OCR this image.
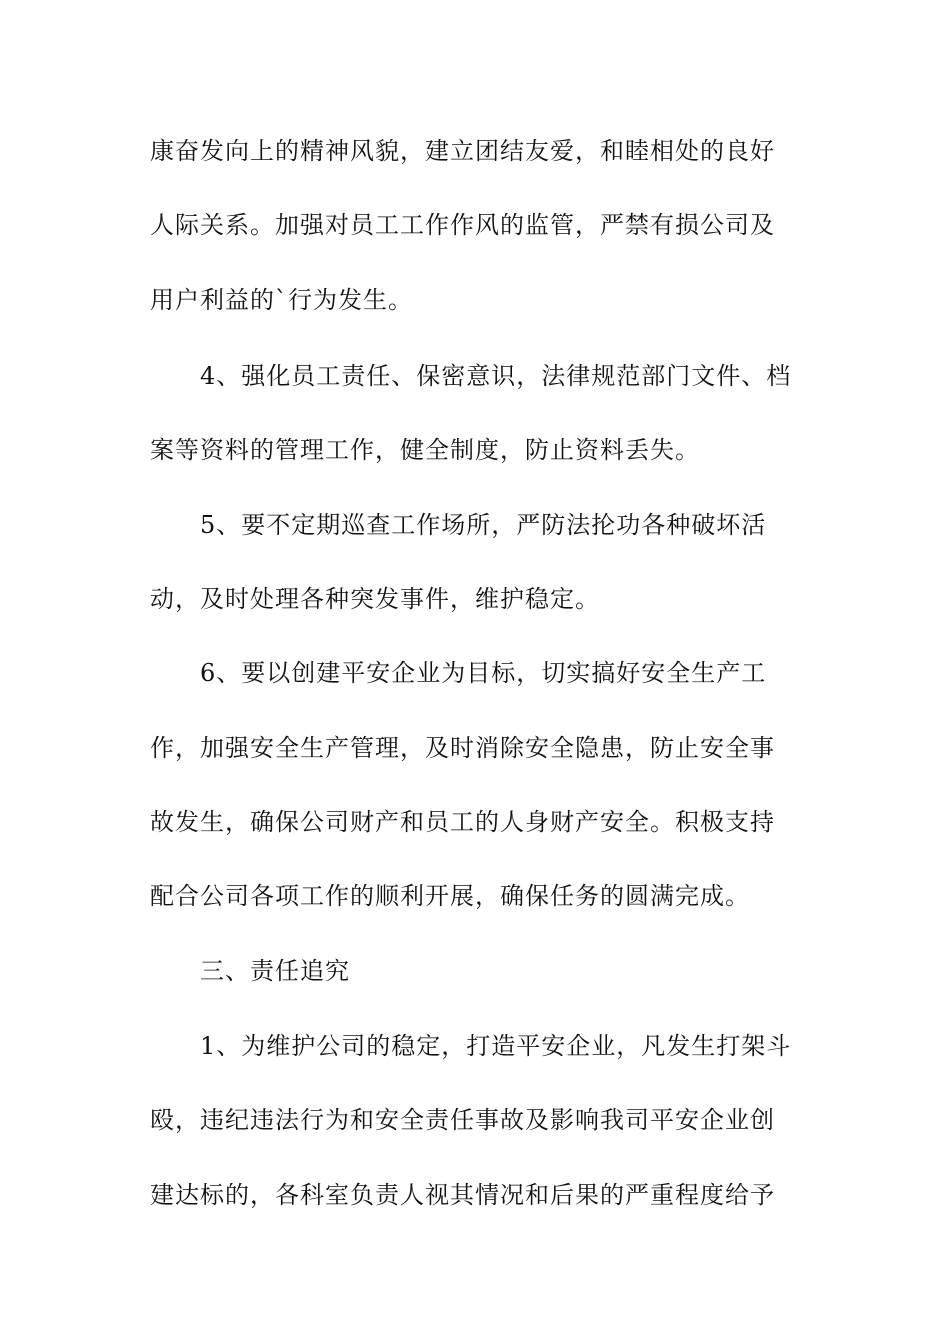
康奋发向上的精神风貌，建立团结友爱，和睦相处的良好
人际关系。加强对员工工作作风的监管，严禁有损公司及
用户利益的`行为发生。
4、强化员工责任、保密意识，法律规范部门文件、档
案等资料的管理工作，健全制度，防止资料丢失。
5、要不定期巡查工作场所，严防法抡功各种破坏活
动，及时处理各种突发事件，维护稳定。
6、要以创建平安企业为目标，切实搞好安全生产工
作，加强安全生产管理，及时消除安全隐患，防止安全事
故发生，确保公司财产和员工的人身财产安全。积极支持
配合公司各项工作的顺利开展，确保任务的圆满完成。
三、责任追究
1、为维护公司的稳定，打造平安企业，凡发生打架斗
殴，违纪违法行为和安全责任事故及影响我司平安企业创
建达标的，各科室负责人视其情况和后果的严重程度给予
